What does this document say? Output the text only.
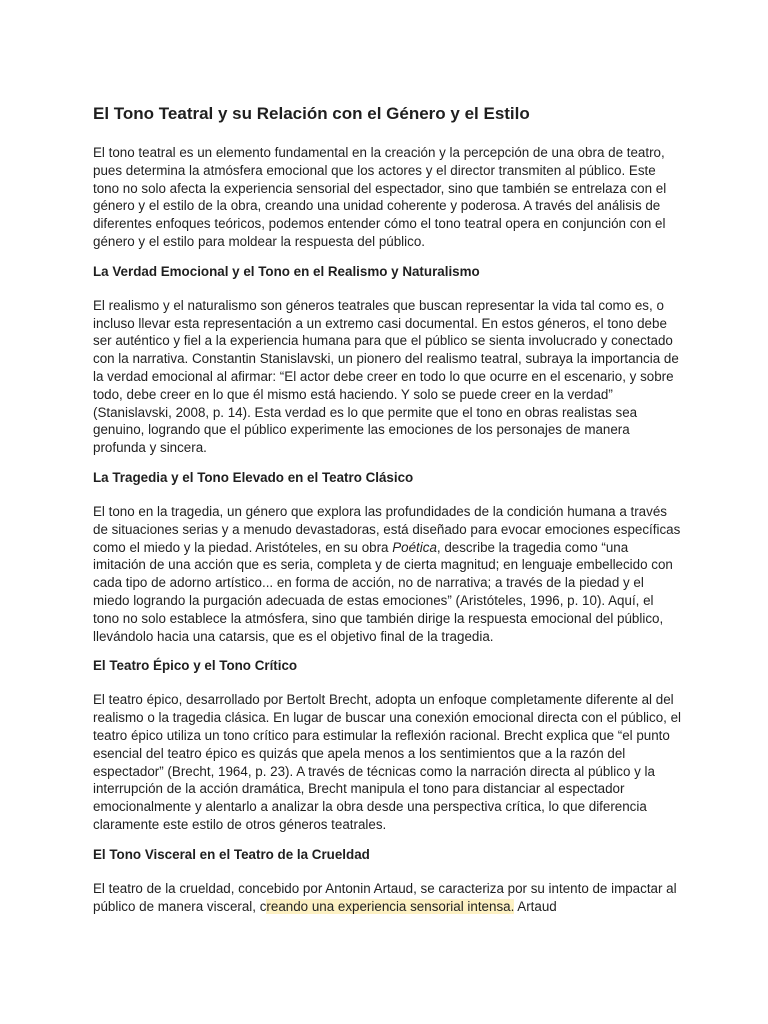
El Tono Teatral y su Relación con el Género y el Estilo

El tono teatral es un elemento fundamental en la creación y la percepción de una obra de teatro, pues determina la atmósfera emocional que los actores y el director transmiten al público. Este tono no solo afecta la experiencia sensorial del espectador, sino que también se entrelaza con el género y el estilo de la obra, creando una unidad coherente y poderosa. A través del análisis de diferentes enfoques teóricos, podemos entender cómo el tono teatral opera en conjunción con el género y el estilo para moldear la respuesta del público.

La Verdad Emocional y el Tono en el Realismo y Naturalismo

El realismo y el naturalismo son géneros teatrales que buscan representar la vida tal como es, o incluso llevar esta representación a un extremo casi documental. En estos géneros, el tono debe ser auténtico y fiel a la experiencia humana para que el público se sienta involucrado y conectado con la narrativa. Constantin Stanislavski, un pionero del realismo teatral, subraya la importancia de la verdad emocional al afirmar: “El actor debe creer en todo lo que ocurre en el escenario, y sobre todo, debe creer en lo que él mismo está haciendo. Y solo se puede creer en la verdad” (Stanislavski, 2008, p. 14). Esta verdad es lo que permite que el tono en obras realistas sea genuino, logrando que el público experimente las emociones de los personajes de manera profunda y sincera.

La Tragedia y el Tono Elevado en el Teatro Clásico

El tono en la tragedia, un género que explora las profundidades de la condición humana a través de situaciones serias y a menudo devastadoras, está diseñado para evocar emociones específicas como el miedo y la piedad. Aristóteles, en su obra Poética, describe la tragedia como “una imitación de una acción que es seria, completa y de cierta magnitud; en lenguaje embellecido con cada tipo de adorno artístico... en forma de acción, no de narrativa; a través de la piedad y el miedo logrando la purgación adecuada de estas emociones” (Aristóteles, 1996, p. 10). Aquí, el tono no solo establece la atmósfera, sino que también dirige la respuesta emocional del público, llevándolo hacia una catarsis, que es el objetivo final de la tragedia.

El Teatro Épico y el Tono Crítico

El teatro épico, desarrollado por Bertolt Brecht, adopta un enfoque completamente diferente al del realismo o la tragedia clásica. En lugar de buscar una conexión emocional directa con el público, el teatro épico utiliza un tono crítico para estimular la reflexión racional. Brecht explica que “el punto esencial del teatro épico es quizás que apela menos a los sentimientos que a la razón del espectador” (Brecht, 1964, p. 23). A través de técnicas como la narración directa al público y la interrupción de la acción dramática, Brecht manipula el tono para distanciar al espectador emocionalmente y alentarlo a analizar la obra desde una perspectiva crítica, lo que diferencia claramente este estilo de otros géneros teatrales.

El Tono Visceral en el Teatro de la Crueldad

El teatro de la crueldad, concebido por Antonin Artaud, se caracteriza por su intento de impactar al público de manera visceral, creando una experiencia sensorial intensa. Artaud
